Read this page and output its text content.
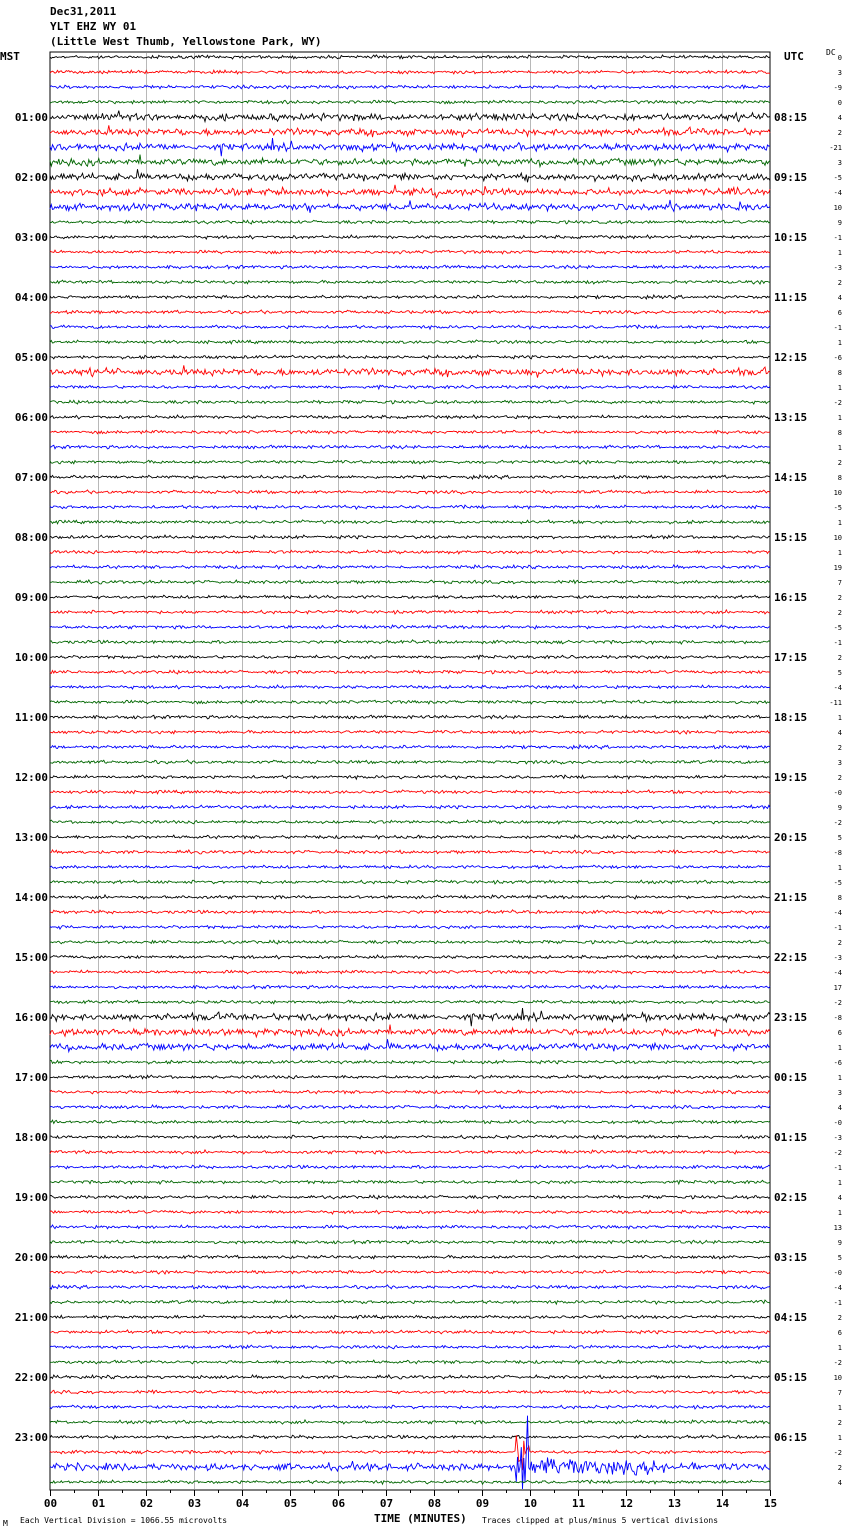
Dec31,2011
YLT EHZ WY 01
(Little West Thumb, Yellowstone Park, WY)
MST	UTC	DC
00	01	02	03	04	05	06	07	08	09	10	11	12	13	14	15
0
3
-9
0
4
2
-21
3
-5
-4
10
9
-1
1
-3
2
4
6
-1
1
-6
8
1
-2
1
8
1
2
8
10
-5
1
10
1
19
7
2
2
-5
-1
2
5
-4
-11
1
4
2
3
2
-0
9
-2
5
-8
1
-5
8
-4
-1
2
-3
-4
17
-2
-8
6
1
-6
1
3
4
-0
-3
-2
-1
1
4
1
13
9
5
-0
-4
-1
2
6
1
-2
10
7
1
2
1
-2
2
4
01:00	08:15
02:00	09:15
03:00	10:15
04:00	11:15
05:00	12:15
06:00	13:15
07:00	14:15
08:00	15:15
09:00	16:15
10:00	17:15
11:00	18:15
12:00	19:15
13:00	20:15
14:00	21:15
15:00	22:15
16:00	23:15
17:00	00:15
18:00	01:15
19:00	02:15
20:00	03:15
21:00	04:15
22:00	05:15
23:00	06:15
TIME (MINUTES)
M Each Vertical Division = 1066.55 microvolts	Traces clipped at plus/minus 5 vertical divisions
